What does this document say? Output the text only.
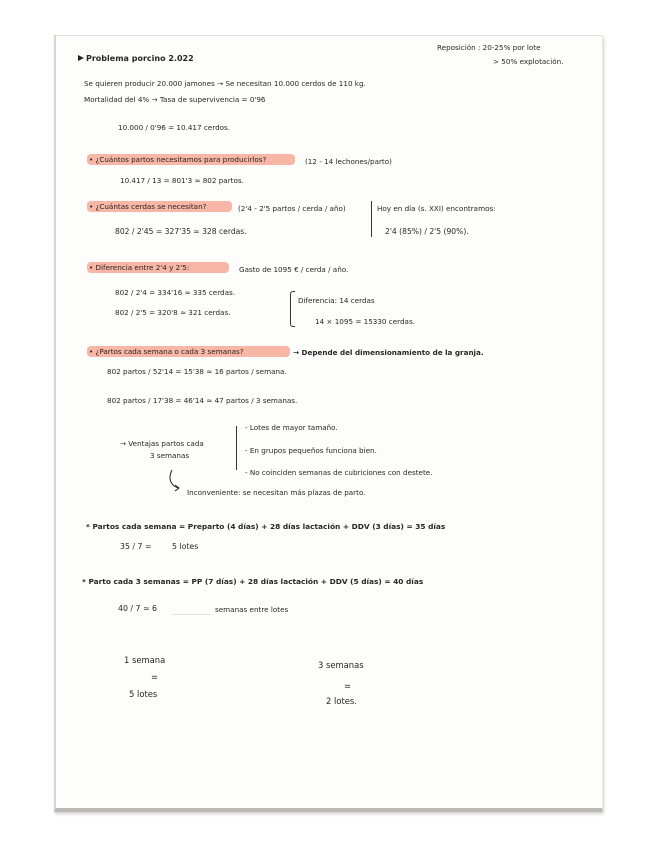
Problema porcino 2.022
Reposición : 20-25% por lote
> 50% explotación.
Se quieren producir 20.000 jamones → Se necesitan 10.000 cerdos de 110 kg.
Mortalidad del 4% → Tasa de supervivencia = 0'96
10.000 / 0'96 = 10.417 cerdos.
• ¿Cuántos partos necesitamos para producirlos?	(12 - 14 lechones/parto)
10.417 / 13 = 801'3 ≃ 802 partos.
• ¿Cuántas cerdas se necesitan?	(2'4 - 2'5 partos / cerda / año)
802 / 2'45 = 327'35 ≃ 328 cerdas.
Hoy en día (s. XXI) encontramos:
2'4 (85%) / 2'5 (90%).
• Diferencia entre 2'4 y 2'5:	Gasto de 1095 € / cerda / año.
802 / 2'4 = 334'16 ≃ 335 cerdas.
802 / 2'5 = 320'8 ≃ 321 cerdas.
Diferencia: 14 cerdas
14 × 1095 = 15330 cerdas.
• ¿Partos cada semana o cada 3 semanas?	→ Depende del dimensionamiento de la granja.
802 partos / 52'14 = 15'38 ≃ 16 partos / semana.
802 partos / 17'38 = 46'14 ≃ 47 partos / 3 semanas.
→ Ventajas partos cada
3 semanas
- Lotes de mayor tamaño.
- En grupos pequeños funciona bien.
- No coinciden semanas de cubriciones con destete.
Inconveniente: se necesitan más plazas de parto.
* Partos cada semana = Preparto (4 días) + 28 días lactación + DDV (3 días) = 35 días
35 / 7 =	5 lotes
* Parto cada 3 semanas = PP (7 días) + 28 días lactación + DDV (5 días) = 40 días
40 / 7 ≃ 6	semanas entre lotes
1 semana
=
5 lotes
3 semanas
=
2 lotes.
